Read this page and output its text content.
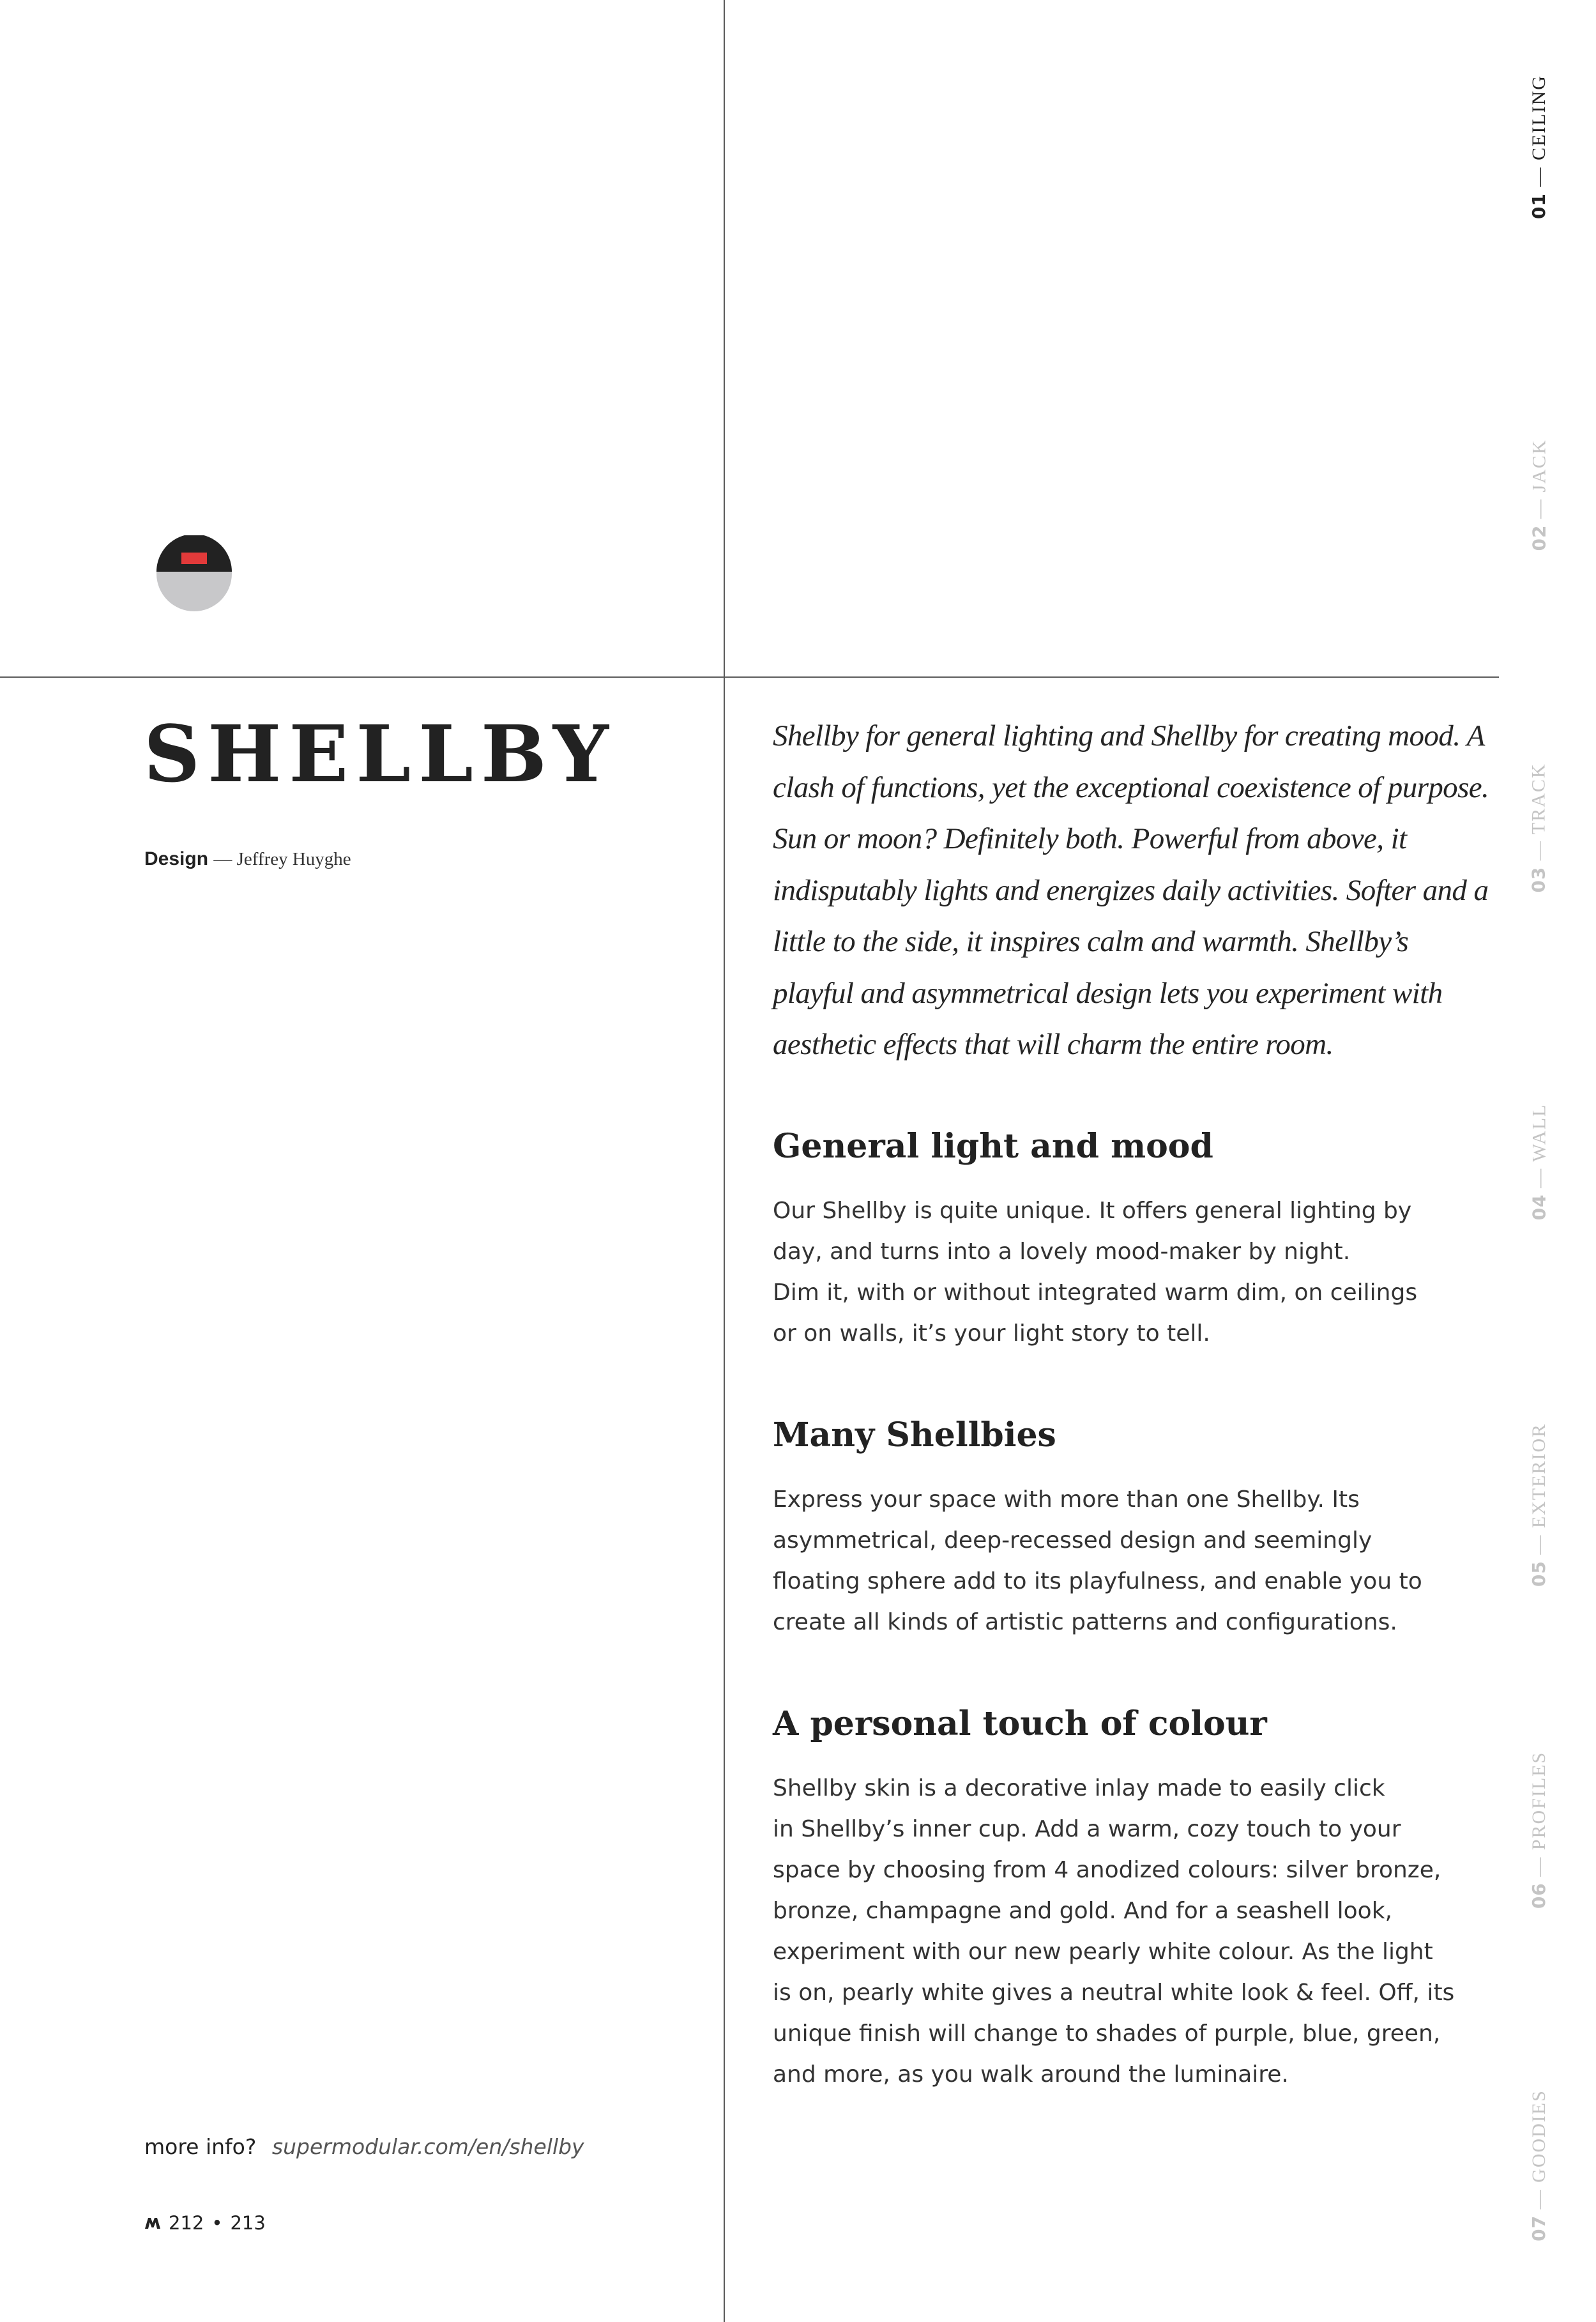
SHELLBY
Design — Jeffrey Huyghe

Shellby for general lighting and Shellby for creating mood. A clash of functions, yet the exceptional coexistence of purpose. Sun or moon? Definitely both. Powerful from above, it indisputably lights and energizes daily activities. Softer and a little to the side, it inspires calm and warmth. Shellby’s playful and asymmetrical design lets you experiment with aesthetic effects that will charm the entire room.

General light and mood

Our Shellby is quite unique. It offers general lighting by
day, and turns into a lovely mood-maker by night.
Dim it, with or without integrated warm dim, on ceilings
or on walls, it’s your light story to tell.

Many Shellbies

Express your space with more than one Shellby. Its
asymmetrical, deep-recessed design and seemingly
floating sphere add to its playfulness, and enable you to
create all kinds of artistic patterns and configurations.

A personal touch of colour

Shellby skin is a decorative inlay made to easily click
in Shellby’s inner cup. Add a warm, cozy touch to your
space by choosing from 4 anodized colours: silver bronze,
bronze, champagne and gold. And for a seashell look,
experiment with our new pearly white colour. As the light
is on, pearly white gives a neutral white look & feel. Off, its
unique finish will change to shades of purple, blue, green,
and more, as you walk around the luminaire.

more info? supermodular.com/en/shellby
212 • 213
01 — CEILING
02 — JACK
03 — TRACK
04 — WALL
05 — EXTERIOR
06 — PROFILES
07 — GOODIES
